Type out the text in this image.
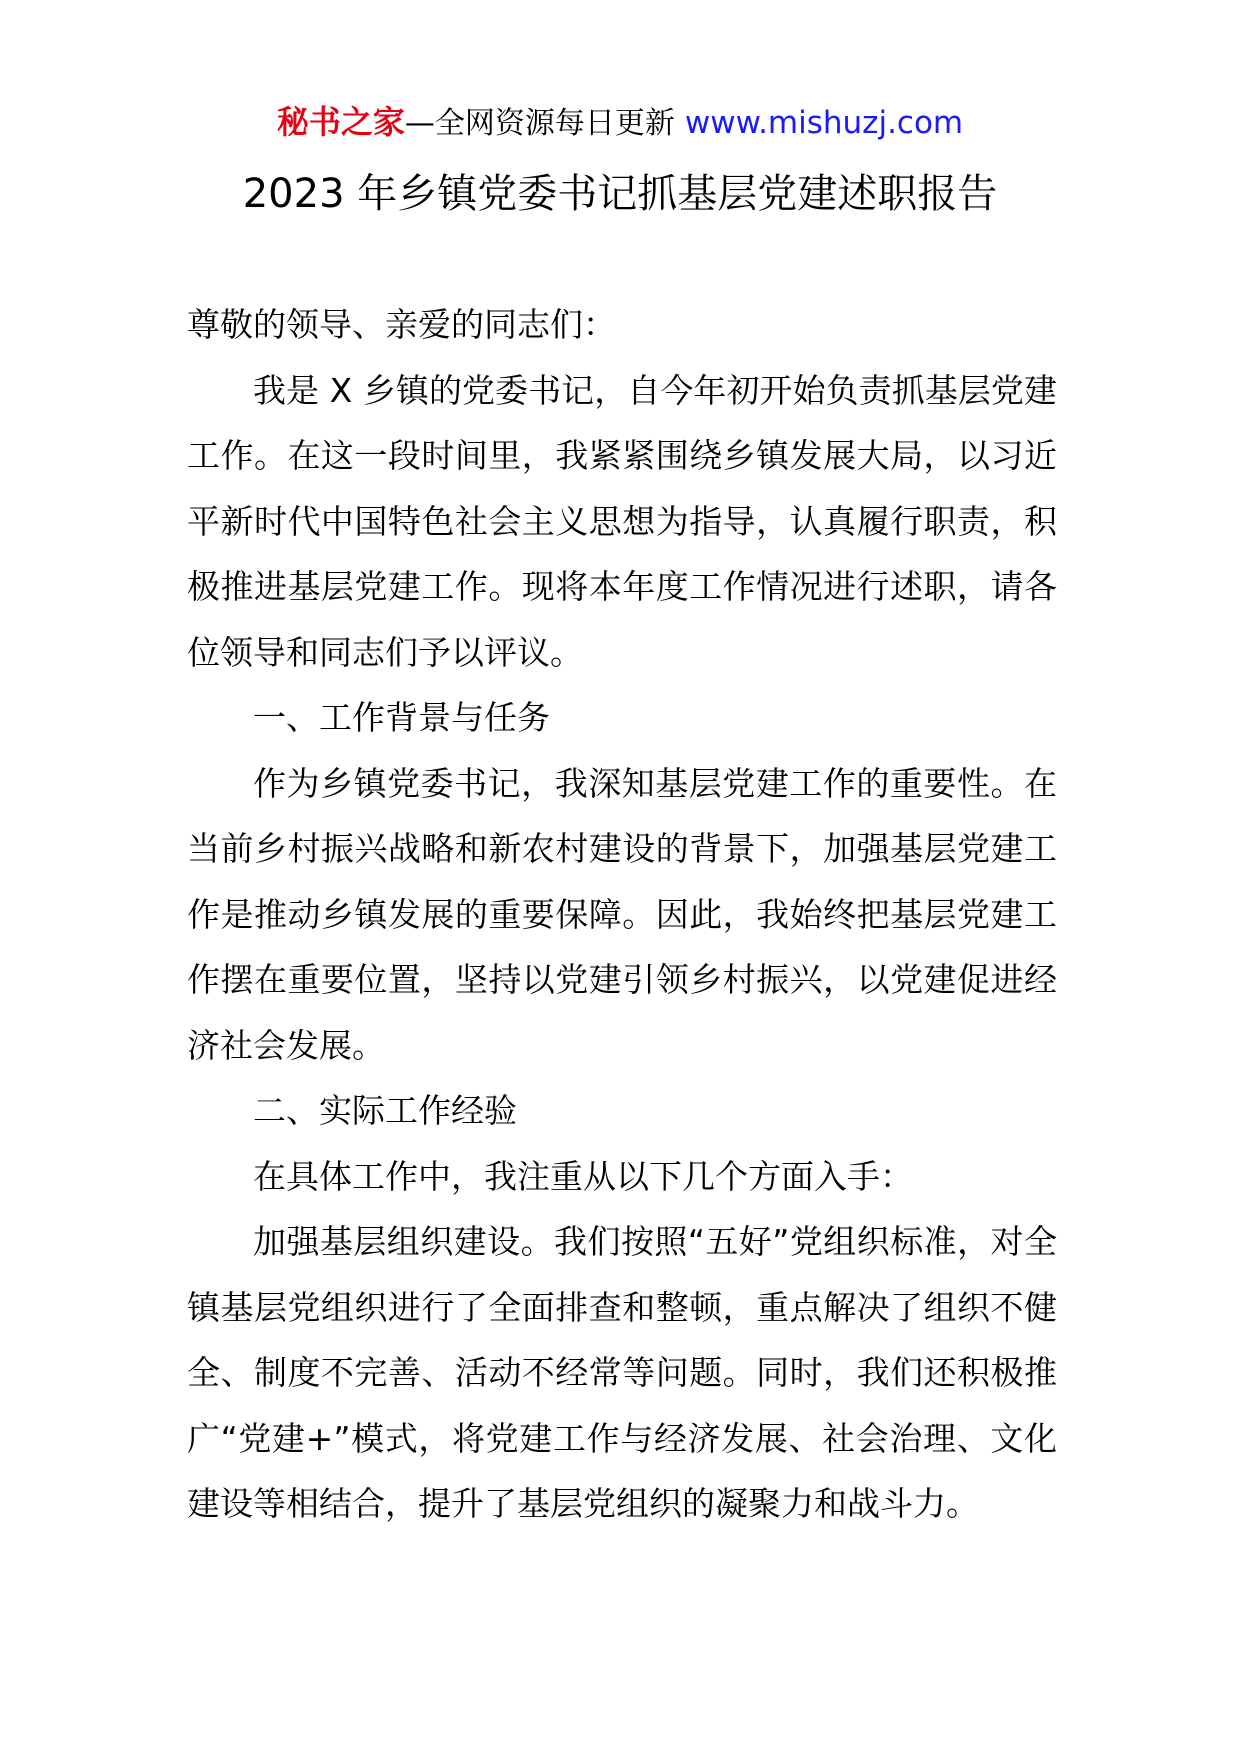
秘书之家—全网资源每日更新 www.mishuzj.com
2023 年乡镇党委书记抓基层党建述职报告

尊敬的领导、亲爱的同志们：

我是 X 乡镇的党委书记，自今年初开始负责抓基层党建工作。在这一段时间里，我紧紧围绕乡镇发展大局，以习近平新时代中国特色社会主义思想为指导，认真履行职责，积极推进基层党建工作。现将本年度工作情况进行述职，请各位领导和同志们予以评议。

一、工作背景与任务

作为乡镇党委书记，我深知基层党建工作的重要性。在当前乡村振兴战略和新农村建设的背景下，加强基层党建工作是推动乡镇发展的重要保障。因此，我始终把基层党建工作摆在重要位置，坚持以党建引领乡村振兴，以党建促进经济社会发展。

二、实际工作经验

在具体工作中，我注重从以下几个方面入手：

加强基层组织建设。我们按照“五好”党组织标准，对全镇基层党组织进行了全面排查和整顿，重点解决了组织不健全、制度不完善、活动不经常等问题。同时，我们还积极推广“党建+”模式，将党建工作与经济发展、社会治理、文化建设等相结合，提升了基层党组织的凝聚力和战斗力。
